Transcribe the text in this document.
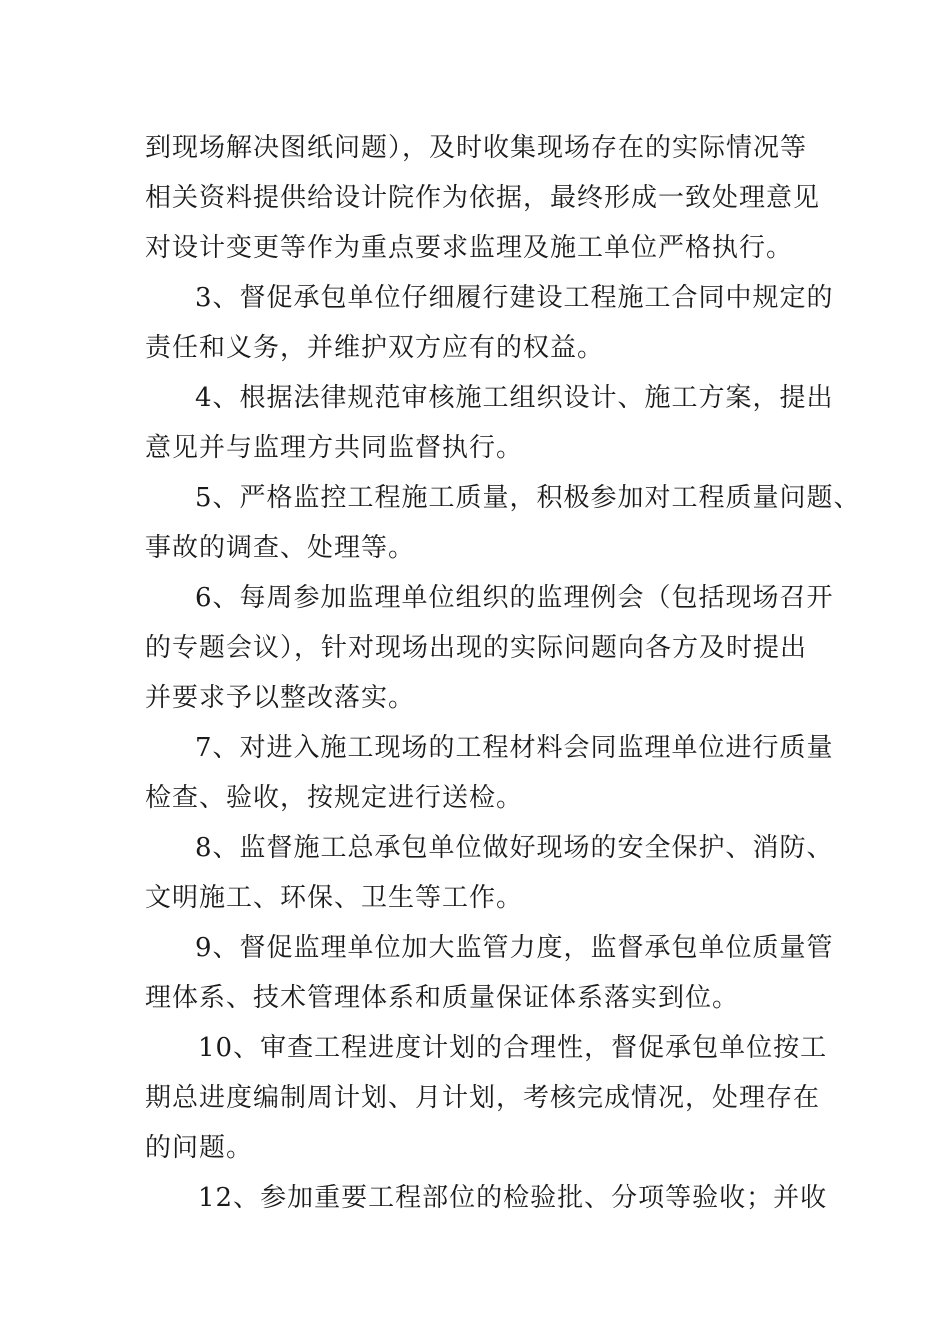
到现场解决图纸问题），及时收集现场存在的实际情况等
相关资料提供给设计院作为依据，最终形成一致处理意见
对设计变更等作为重点要求监理及施工单位严格执行。
3、督促承包单位仔细履行建设工程施工合同中规定的
责任和义务，并维护双方应有的权益。
4、根据法律规范审核施工组织设计、施工方案，提出
意见并与监理方共同监督执行。
5、严格监控工程施工质量，积极参加对工程质量问题、
事故的调查、处理等。
6、每周参加监理单位组织的监理例会（包括现场召开
的专题会议），针对现场出现的实际问题向各方及时提出
并要求予以整改落实。
7、对进入施工现场的工程材料会同监理单位进行质量
检查、验收，按规定进行送检。
8、监督施工总承包单位做好现场的安全保护、消防、
文明施工、环保、卫生等工作。
9、督促监理单位加大监管力度，监督承包单位质量管
理体系、技术管理体系和质量保证体系落实到位。
10、审查工程进度计划的合理性，督促承包单位按工
期总进度编制周计划、月计划，考核完成情况，处理存在
的问题。
12、参加重要工程部位的检验批、分项等验收；并收
